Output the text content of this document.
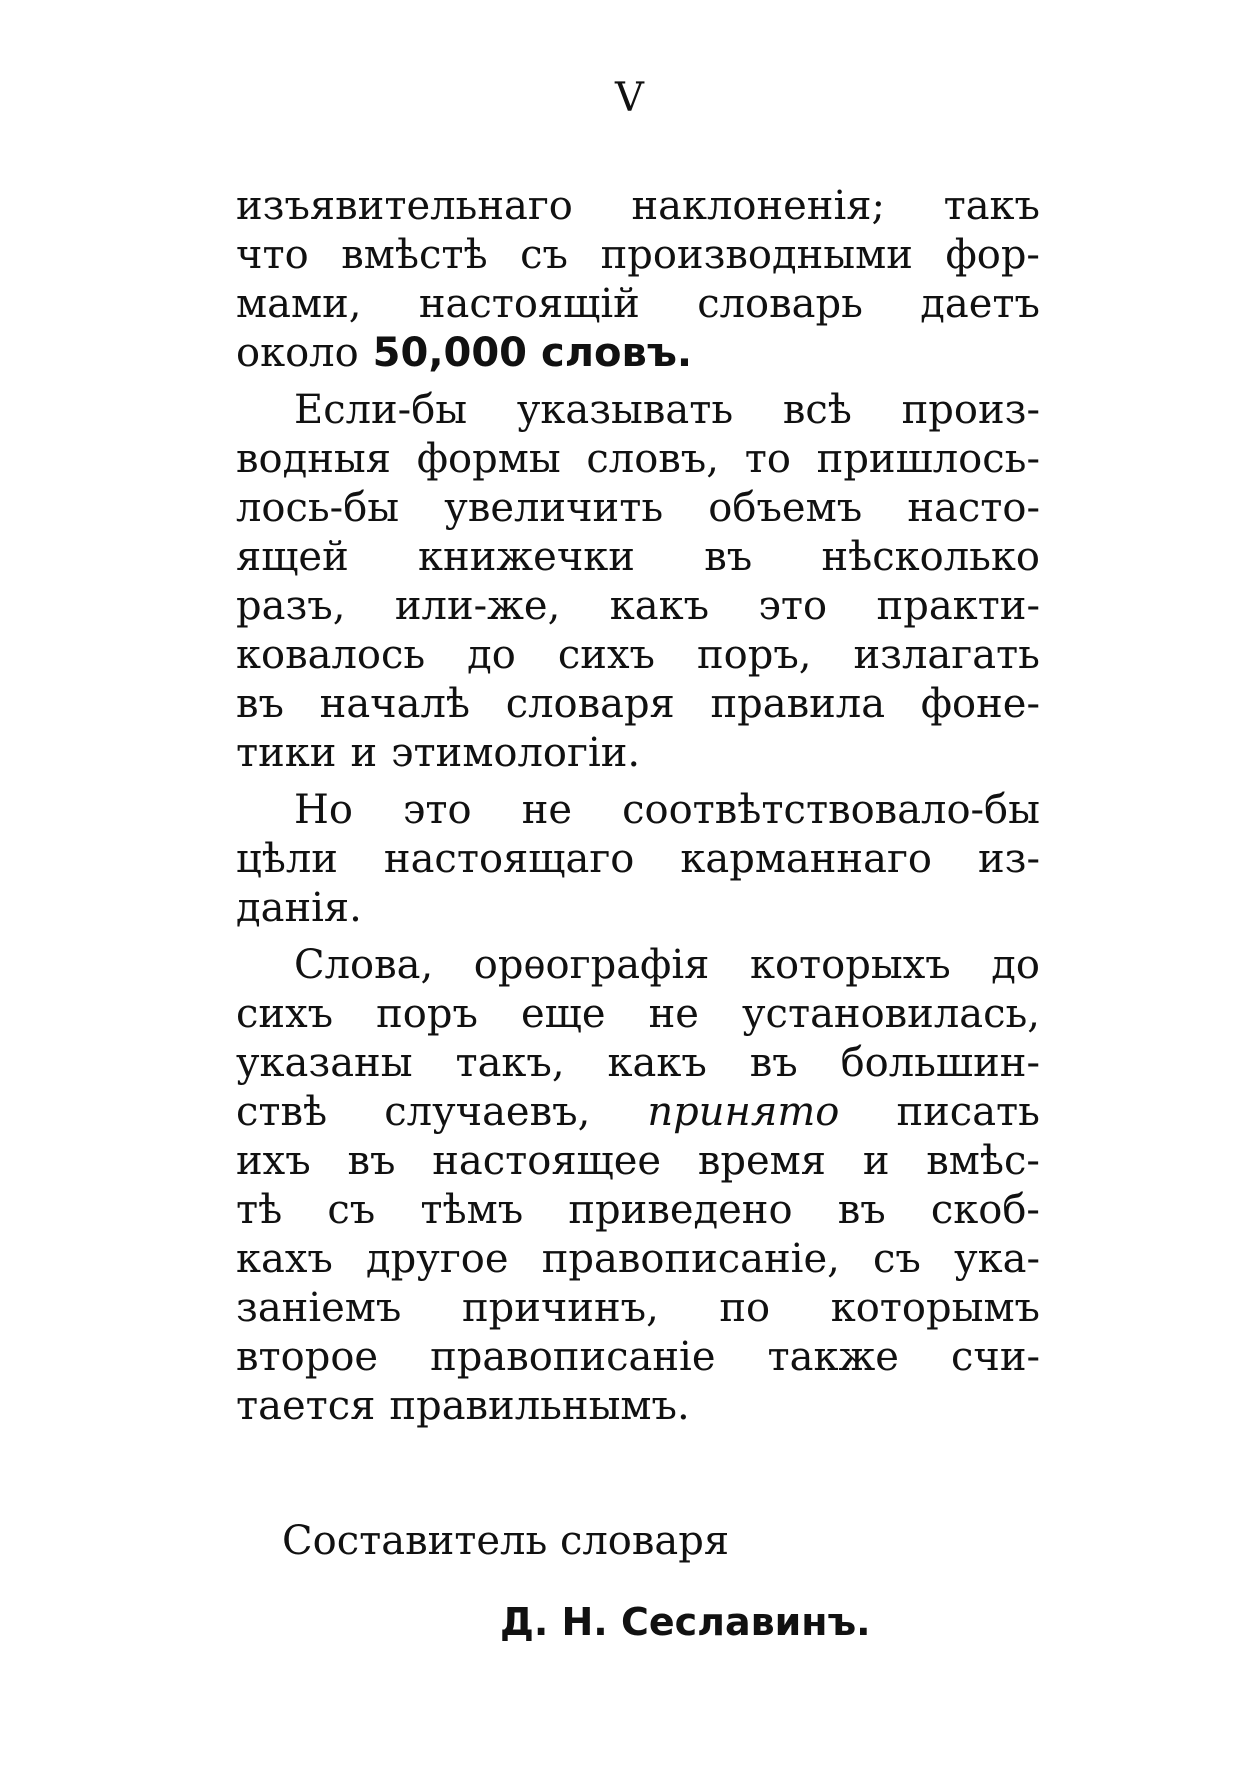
V
изъявительнаго наклоненія; такъ
что вмѣстѣ съ производными фор-
мами, настоящій словарь даетъ
около 50,000 словъ.
Если-бы указывать всѣ произ-
водныя формы словъ, то пришлось-
лось-бы увеличить объемъ насто-
ящей книжечки въ нѣсколько
разъ, или-же, какъ это практи-
ковалось до сихъ поръ, излагать
въ началѣ словаря правила фоне-
тики и этимологіи.
Но это не соотвѣтствовало-бы
цѣли настоящаго карманнаго из-
данія.
Слова, орѳографія которыхъ до
сихъ поръ еще не установилась,
указаны такъ, какъ въ большин-
ствѣ случаевъ, принято писать
ихъ въ настоящее время и вмѣс-
тѣ съ тѣмъ приведено въ скоб-
кахъ другое правописаніе, съ ука-
заніемъ причинъ, по которымъ
второе правописаніе также счи-
тается правильнымъ.
Составитель словаря
Д. Н. Сеславинъ.
